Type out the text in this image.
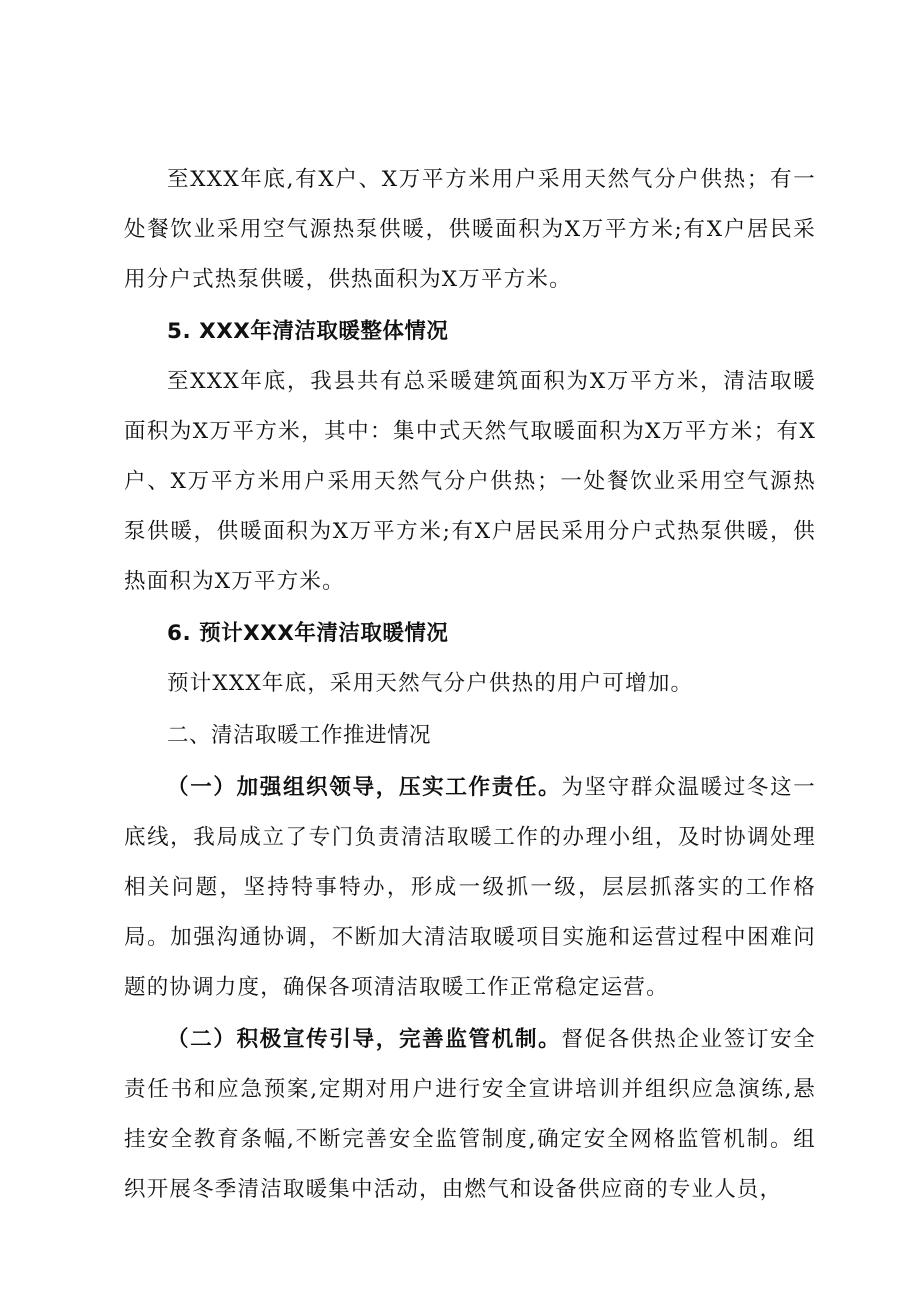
至XXX年底,有X户、X万平方米用户采用天然气分户供热；有一处餐饮业采用空气源热泵供暖，供暖面积为X万平方米;有X户居民采用分户式热泵供暖，供热面积为X万平方米。

5. XXX年清洁取暖整体情况

至XXX年底，我县共有总采暖建筑面积为X万平方米，清洁取暖面积为X万平方米，其中：集中式天然气取暖面积为X万平方米；有X户、X万平方米用户采用天然气分户供热；一处餐饮业采用空气源热泵供暖，供暖面积为X万平方米;有X户居民采用分户式热泵供暖，供热面积为X万平方米。

6. 预计XXX年清洁取暖情况

预计XXX年底，采用天然气分户供热的用户可增加。

二、清洁取暖工作推进情况

（一）加强组织领导，压实工作责任。为坚守群众温暖过冬这一底线，我局成立了专门负责清洁取暖工作的办理小组，及时协调处理相关问题，坚持特事特办，形成一级抓一级，层层抓落实的工作格局。加强沟通协调，不断加大清洁取暖项目实施和运营过程中困难问题的协调力度，确保各项清洁取暖工作正常稳定运营。

（二）积极宣传引导，完善监管机制。督促各供热企业签订安全责任书和应急预案,定期对用户进行安全宣讲培训并组织应急演练,悬挂安全教育条幅,不断完善安全监管制度,确定安全网格监管机制。组织开展冬季清洁取暖集中活动，由燃气和设备供应商的专业人员，
